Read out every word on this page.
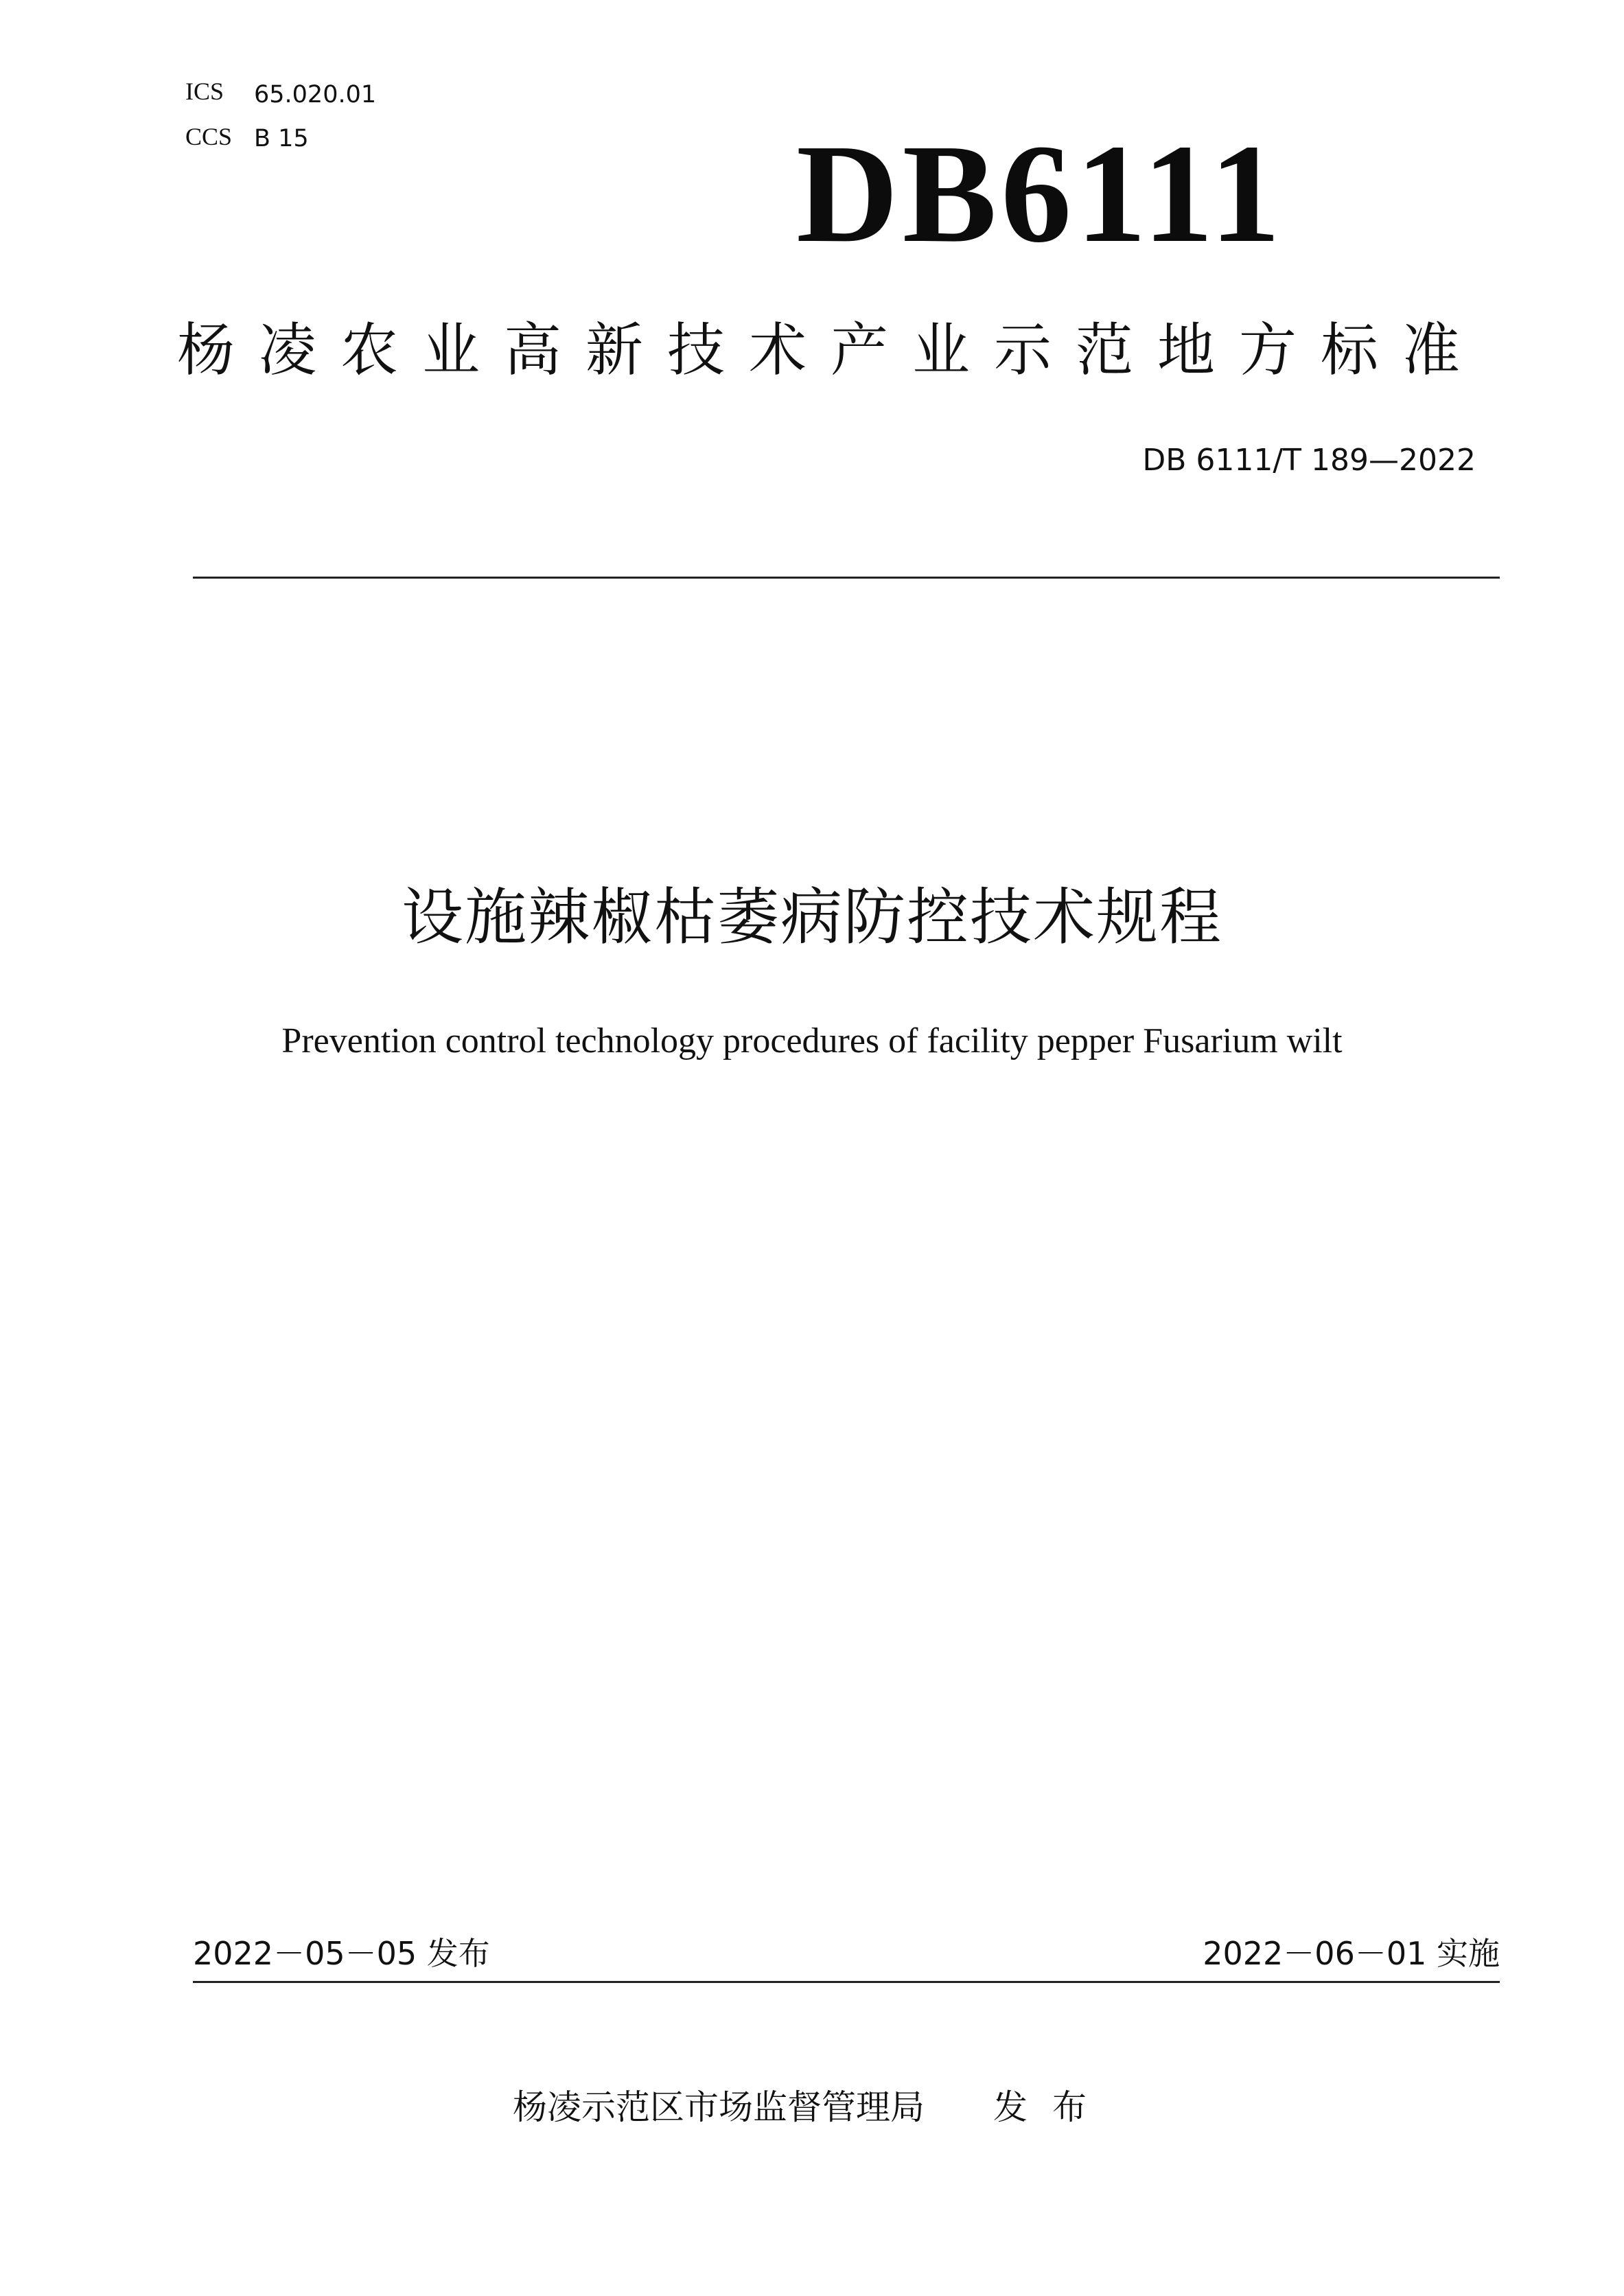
ICS 65.020.01
CCS B 15	DB6111
杨凌农业高新技术产业示范地方标准
DB 6111/T 189—2022
设施辣椒枯萎病防控技术规程
Prevention control technology procedures of facility pepper Fusarium wilt
2022－05－05 发布	2022－06－01 实施
杨凌示范区市场监督管理局 发布
